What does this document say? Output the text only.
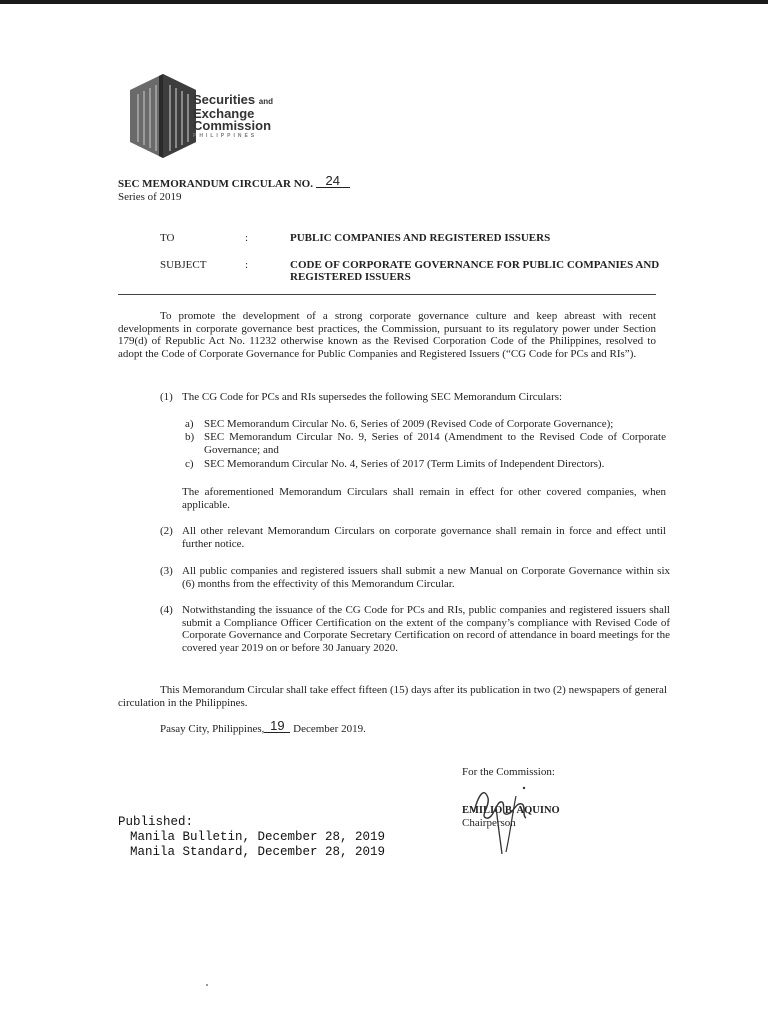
Securities and
Exchange
Commission
PHILIPPINES
SEC MEMORANDUM CIRCULAR NO. 24
Series of 2019
TO	:	PUBLIC COMPANIES AND REGISTERED ISSUERS
SUBJECT	:	CODE OF CORPORATE GOVERNANCE FOR PUBLIC COMPANIES AND
REGISTERED ISSUERS
To promote the development of a strong corporate governance culture and keep abreast with recent developments in corporate governance best practices, the Commission, pursuant to its regulatory power under Section 179(d) of Republic Act No. 11232 otherwise known as the Revised Corporation Code of the Philippines, resolved to adopt the Code of Corporate Governance for Public Companies and Registered Issuers (“CG Code for PCs and RIs”).
(1) The CG Code for PCs and RIs supersedes the following SEC Memorandum Circulars:
a) SEC Memorandum Circular No. 6, Series of 2009 (Revised Code of Corporate Governance);
b) SEC Memorandum Circular No. 9, Series of 2014 (Amendment to the Revised Code of Corporate Governance; and
c) SEC Memorandum Circular No. 4, Series of 2017 (Term Limits of Independent Directors).
The aforementioned Memorandum Circulars shall remain in effect for other covered companies, when applicable.
(2) All other relevant Memorandum Circulars on corporate governance shall remain in force and effect until further notice.
(3) All public companies and registered issuers shall submit a new Manual on Corporate Governance within six (6) months from the effectivity of this Memorandum Circular.
(4) Notwithstanding the issuance of the CG Code for PCs and RIs, public companies and registered issuers shall submit a Compliance Officer Certification on the extent of the company’s compliance with Revised Code of Corporate Governance and Corporate Secretary Certification on record of attendance in board meetings for the covered year 2019 on or before 30 January 2020.
This Memorandum Circular shall take effect fifteen (15) days after its publication in two (2) newspapers of general circulation in the Philippines.
Pasay City, Philippines, 19 December 2019.
For the Commission:
EMILIO B. AQUINO
Chairperson
Published:
Manila Bulletin, December 28, 2019
Manila Standard, December 28, 2019
